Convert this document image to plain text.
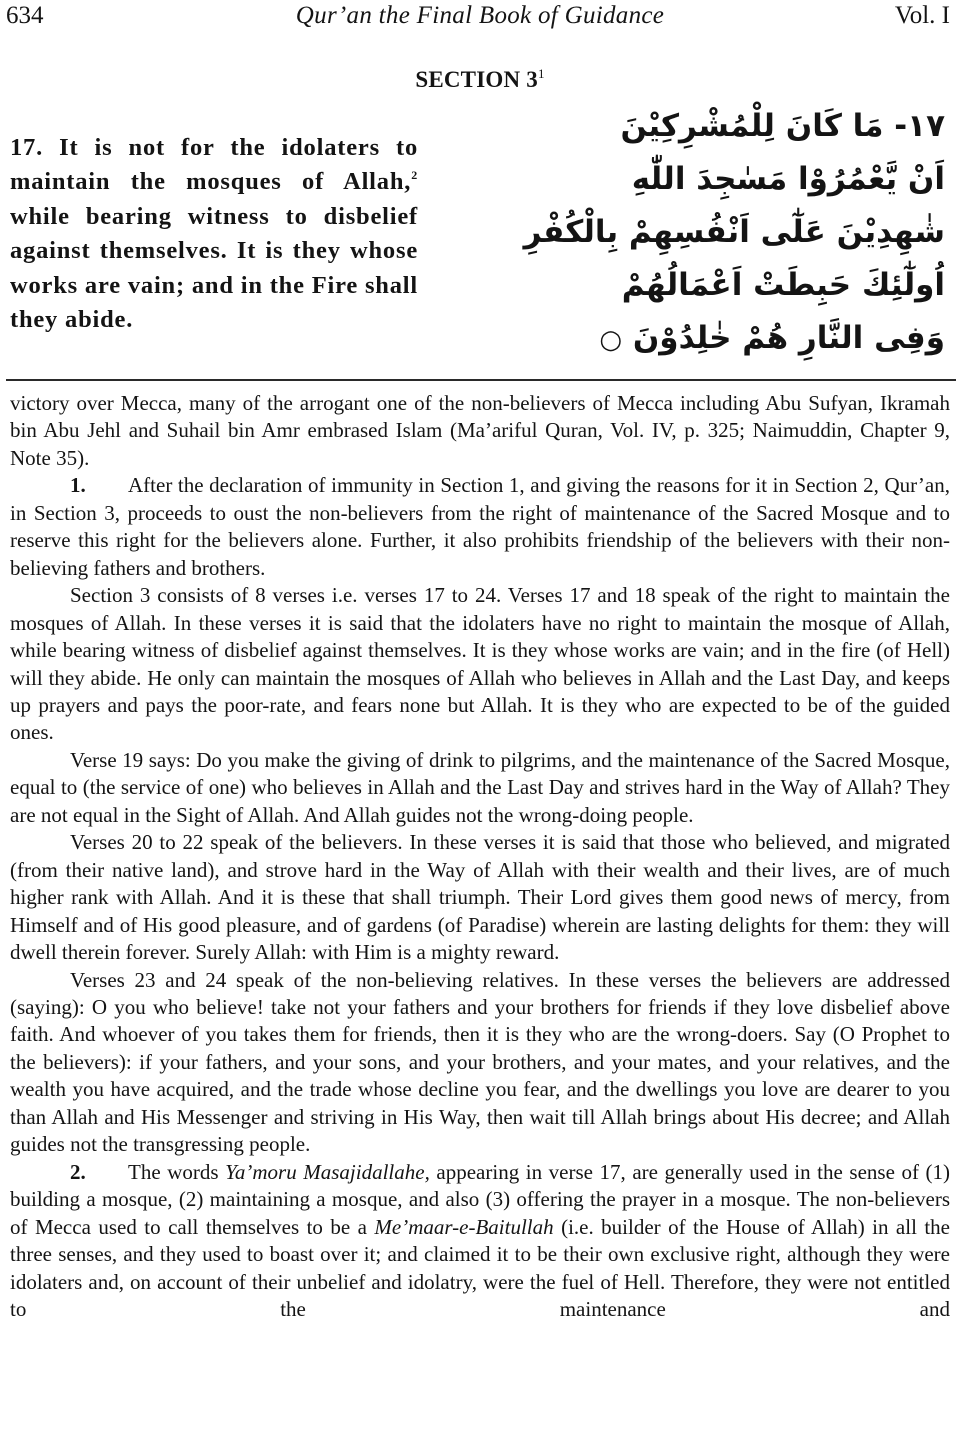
634	Qur’an the Final Book of Guidance	Vol. I
SECTION $3^1$

17. It is not for the idolaters to maintain the mosques of Allah,$^2$ while bearing witness to disbelief against themselves. It is they whose works are vain; and in the Fire shall they abide.

١٧- مَا كَانَ لِلْمُشْرِكِيْنَ
اَنْ يَّعْمُرُوْا مَسٰجِدَ اللّٰهِ
شٰهِدِيْنَ عَلٰٓى اَنْفُسِهِمْ بِالْكُفْرِ
اُولٰٓئِكَ حَبِطَتْ اَعْمَالُهُمْ
وَفِى النَّارِ هُمْ خٰلِدُوْنَ ○

victory over Mecca, many of the arrogant one of the non-believers of Mecca including Abu Sufyan, Ikramah bin Abu Jehl and Suhail bin Amr embrased Islam (Ma’ariful Quran, Vol. IV, p. 325; Naimuddin, Chapter 9, Note 35).

1. After the declaration of immunity in Section 1, and giving the reasons for it in Section 2, Qur’an, in Section 3, proceeds to oust the non-believers from the right of maintenance of the Sacred Mosque and to reserve this right for the believers alone. Further, it also prohibits friendship of the believers with their non-believing fathers and brothers.

Section 3 consists of 8 verses i.e. verses 17 to 24. Verses 17 and 18 speak of the right to maintain the mosques of Allah. In these verses it is said that the idolaters have no right to maintain the mosque of Allah, while bearing witness of disbelief against themselves. It is they whose works are vain; and in the fire (of Hell) will they abide. He only can maintain the mosques of Allah who believes in Allah and the Last Day, and keeps up prayers and pays the poor-rate, and fears none but Allah. It is they who are expected to be of the guided ones.

Verse 19 says: Do you make the giving of drink to pilgrims, and the maintenance of the Sacred Mosque, equal to (the service of one) who believes in Allah and the Last Day and strives hard in the Way of Allah? They are not equal in the Sight of Allah. And Allah guides not the wrong-doing people.

Verses 20 to 22 speak of the believers. In these verses it is said that those who believed, and migrated (from their native land), and strove hard in the Way of Allah with their wealth and their lives, are of much higher rank with Allah. And it is these that shall triumph. Their Lord gives them good news of mercy, from Himself and of His good pleasure, and of gardens (of Paradise) wherein are lasting delights for them: they will dwell therein forever. Surely Allah: with Him is a mighty reward.

Verses 23 and 24 speak of the non-believing relatives. In these verses the believers are addressed (saying): O you who believe! take not your fathers and your brothers for friends if they love disbelief above faith. And whoever of you takes them for friends, then it is they who are the wrong-doers. Say (O Prophet to the believers): if your fathers, and your sons, and your brothers, and your mates, and your relatives, and the wealth you have acquired, and the trade whose decline you fear, and the dwellings you love are dearer to you than Allah and His Messenger and striving in His Way, then wait till Allah brings about His decree; and Allah guides not the transgressing people.

2. The words Ya’moru Masajidallahe, appearing in verse 17, are generally used in the sense of (1) building a mosque, (2) maintaining a mosque, and also (3) offering the prayer in a mosque. The non-believers of Mecca used to call themselves to be a Me’maar-e-Baitullah (i.e. builder of the House of Allah) in all the three senses, and they used to boast over it; and claimed it to be their own exclusive right, although they were idolaters and, on account of their unbelief and idolatry, were the fuel of Hell. Therefore, they were not entitled to the maintenance and
